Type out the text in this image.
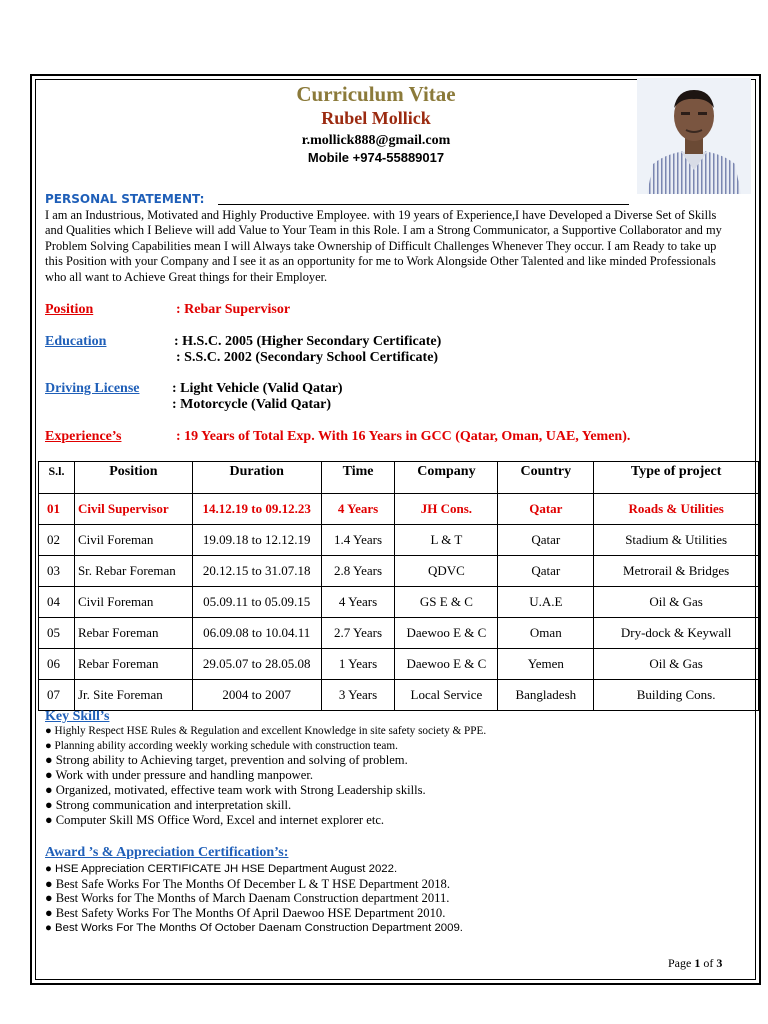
Curriculum Vitae
Rubel Mollick
r.mollick888@gmail.com
Mobile +974-55889017
PERSONAL STATEMENT:
I am an Industrious, Motivated and Highly Productive Employee. with 19 years of Experience,I have Developed a Diverse Set of Skills and Qualities which I Believe will add Value to Your Team in this Role. I am a Strong Communicator, a Supportive Collaborator and my Problem Solving Capabilities mean I will Always take Ownership of Difficult Challenges Whenever They occur. I am Ready to take up this Position with your Company and I see it as an opportunity for me to Work Alongside Other Talented and like minded Professionals who all want to Achieve Great things for their Employer.
Position	: Rebar Supervisor
Education	: H.S.C. 2005 (Higher Secondary Certificate)
: S.S.C. 2002 (Secondary School Certificate)
Driving License : Light Vehicle (Valid Qatar)
: Motorcycle (Valid Qatar)
Experience’s	: 19 Years of Total Exp. With 16 Years in GCC (Qatar, Oman, UAE, Yemen).
S.l.	Position	Duration	Time	Company	Country	Type of project
01	Civil Supervisor	14.12.19 to 09.12.23	4 Years	JH Cons.	Qatar	Roads & Utilities
02	Civil Foreman	19.09.18 to 12.12.19	1.4 Years	L & T	Qatar	Stadium & Utilities
03	Sr. Rebar Foreman	20.12.15 to 31.07.18	2.8 Years	QDVC	Qatar	Metrorail & Bridges
04	Civil Foreman	05.09.11 to 05.09.15	4 Years	GS E & C	U.A.E	Oil & Gas
05	Rebar Foreman	06.09.08 to 10.04.11	2.7 Years	Daewoo E & C	Oman	Dry-dock & Keywall
06	Rebar Foreman	29.05.07 to 28.05.08	1 Years	Daewoo E & C	Yemen	Oil & Gas
07	Jr. Site Foreman	2004 to 2007	3 Years	Local Service	Bangladesh	Building Cons.
Key Skill’s
● Highly Respect HSE Rules & Regulation and excellent Knowledge in site safety society & PPE.
● Planning ability according weekly working schedule with construction team.
● Strong ability to Achieving target, prevention and solving of problem.
● Work with under pressure and handling manpower.
● Organized, motivated, effective team work with Strong Leadership skills.
● Strong communication and interpretation skill.
● Computer Skill MS Office Word, Excel and internet explorer etc.
Award ’s & Appreciation Certification’s:
● HSE Appreciation CERTIFICATE JH HSE Department August 2022.
● Best Safe Works For The Months Of December L & T HSE Department 2018.
● Best Works for The Months of March Daenam Construction department 2011.
● Best Safety Works For The Months Of April Daewoo HSE Department 2010.
● Best Works For The Months Of October Daenam Construction Department 2009.
Page 1 of 3
